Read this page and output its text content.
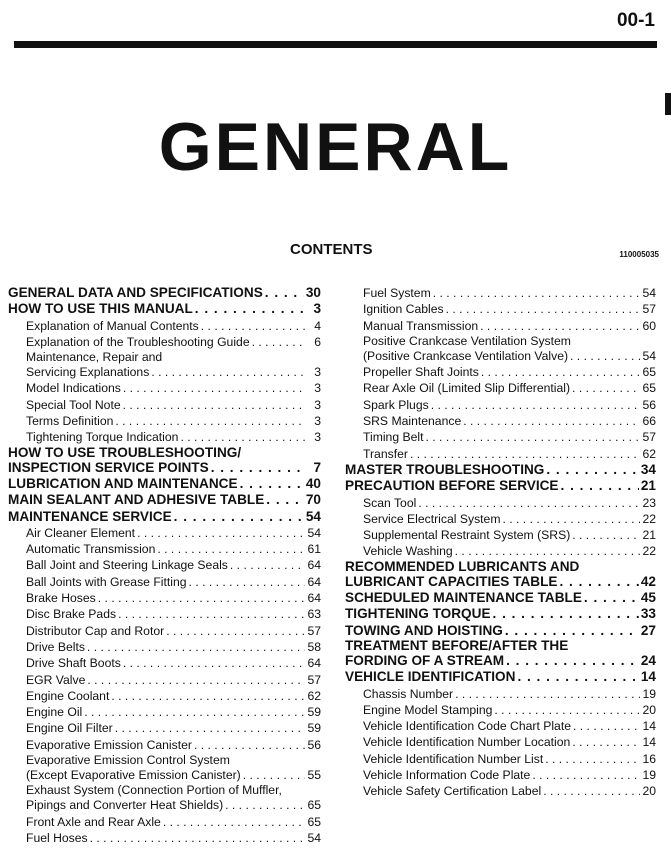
00-1
GENERAL
CONTENTS	110005035
GENERAL DATA AND SPECIFICATIONS . . .	30
HOW TO USE THIS MANUAL . . .	3
Explanation of Manual Contents . . .	4
Explanation of the Troubleshooting Guide . . .	6
Maintenance, Repair and
Servicing Explanations . . .	3
Model Indications . . .	3
Special Tool Note . . .	3
Terms Definition . . .	3
Tightening Torque Indication . . .	3
HOW TO USE TROUBLESHOOTING/
INSPECTION SERVICE POINTS . . .	7
LUBRICATION AND MAINTENANCE . . .	40
MAIN SEALANT AND ADHESIVE TABLE . . .	70
MAINTENANCE SERVICE . . .	54
Air Cleaner Element . . .	54
Automatic Transmission . . .	61
Ball Joint and Steering Linkage Seals . . .	64
Ball Joints with Grease Fitting . . .	64
Brake Hoses . . .	64
Disc Brake Pads . . .	63
Distributor Cap and Rotor . . .	57
Drive Belts . . .	58
Drive Shaft Boots . . .	64
EGR Valve . . .	57
Engine Coolant . . .	62
Engine Oil . . .	59
Engine Oil Filter . . .	59
Evaporative Emission Canister . . .	56
Evaporative Emission Control System
(Except Evaporative Emission Canister) . . .	55
Exhaust System (Connection Portion of Muffler,
Pipings and Converter Heat Shields) . . .	65
Front Axle and Rear Axle . . .	65
Fuel Hoses . . .	54
Fuel System . . .	54
Ignition Cables . . .	57
Manual Transmission . . .	60
Positive Crankcase Ventilation System
(Positive Crankcase Ventilation Valve) . . .	54
Propeller Shaft Joints . . .	65
Rear Axle Oil (Limited Slip Differential) . . .	65
Spark Plugs . . .	56
SRS Maintenance . . .	66
Timing Belt . . .	57
Transfer . . .	62
MASTER TROUBLESHOOTING . . .	34
PRECAUTION BEFORE SERVICE . . .	21
Scan Tool . . .	23
Service Electrical System . . .	22
Supplemental Restraint System (SRS) . . .	21
Vehicle Washing . . .	22
RECOMMENDED LUBRICANTS AND
LUBRICANT CAPACITIES TABLE . . .	42
SCHEDULED MAINTENANCE TABLE . . .	45
TIGHTENING TORQUE . . .	33
TOWING AND HOISTING . . .	27
TREATMENT BEFORE/AFTER THE
FORDING OF A STREAM . . .	24
VEHICLE IDENTIFICATION . . .	14
Chassis Number . . .	19
Engine Model Stamping . . .	20
Vehicle Identification Code Chart Plate . . .	14
Vehicle Identification Number Location . . .	14
Vehicle Identification Number List . . .	16
Vehicle Information Code Plate . . .	19
Vehicle Safety Certification Label . . .	20
